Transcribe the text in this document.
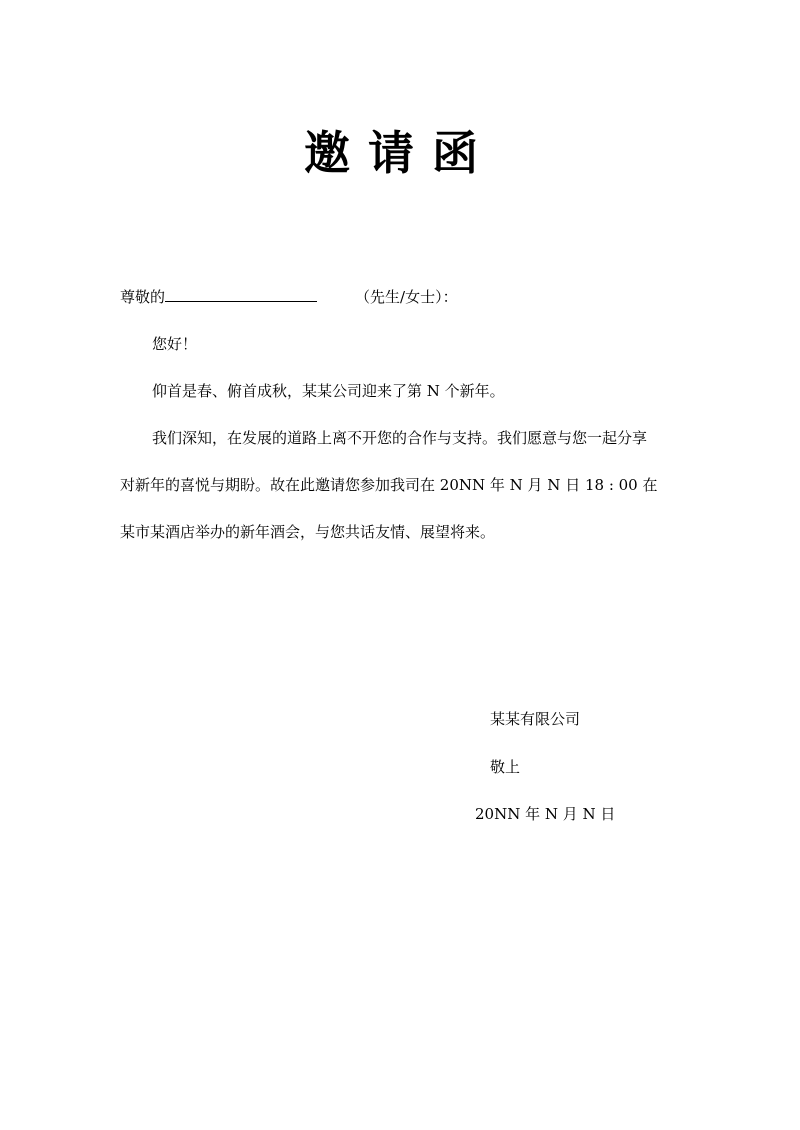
邀请函
尊敬的	（先生/女士）：
您好！
仰首是春、俯首成秋，某某公司迎来了第 N 个新年。
我们深知，在发展的道路上离不开您的合作与支持。我们愿意与您一起分享
对新年的喜悦与期盼。故在此邀请您参加我司在 20NN 年 N 月 N 日 18 : 00 在
某市某酒店举办的新年酒会，与您共话友情、展望将来。
某某有限公司
敬上
20NN 年 N 月 N 日
